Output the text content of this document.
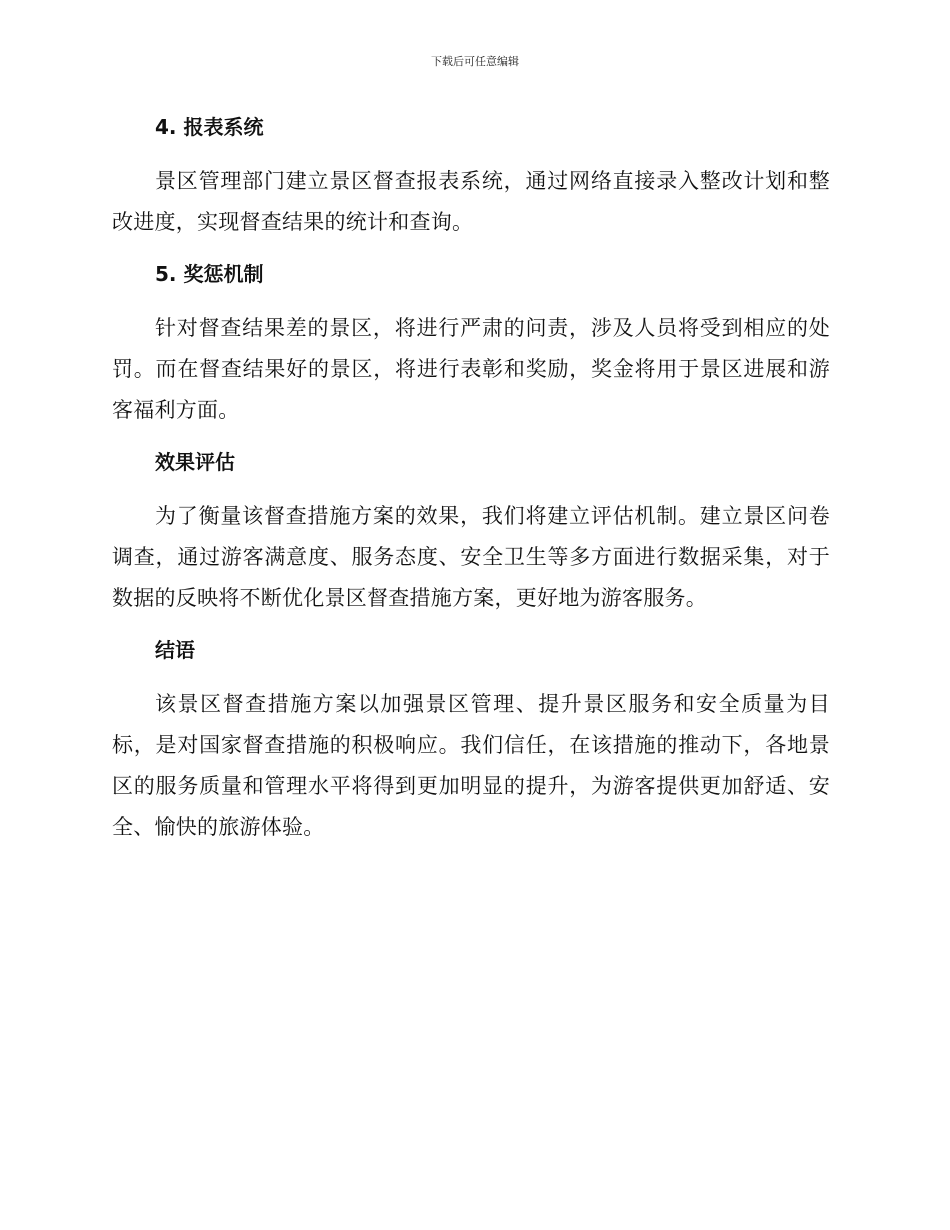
下载后可任意编辑
4. 报表系统

景区管理部门建立景区督查报表系统，通过网络直接录入整改计划和整改进度，实现督查结果的统计和查询。

5. 奖惩机制

针对督查结果差的景区，将进行严肃的问责，涉及人员将受到相应的处罚。而在督查结果好的景区，将进行表彰和奖励，奖金将用于景区进展和游客福利方面。

效果评估

为了衡量该督查措施方案的效果，我们将建立评估机制。建立景区问卷调查，通过游客满意度、服务态度、安全卫生等多方面进行数据采集，对于数据的反映将不断优化景区督查措施方案，更好地为游客服务。

结语

该景区督查措施方案以加强景区管理、提升景区服务和安全质量为目标，是对国家督查措施的积极响应。我们信任，在该措施的推动下，各地景区的服务质量和管理水平将得到更加明显的提升，为游客提供更加舒适、安全、愉快的旅游体验。
